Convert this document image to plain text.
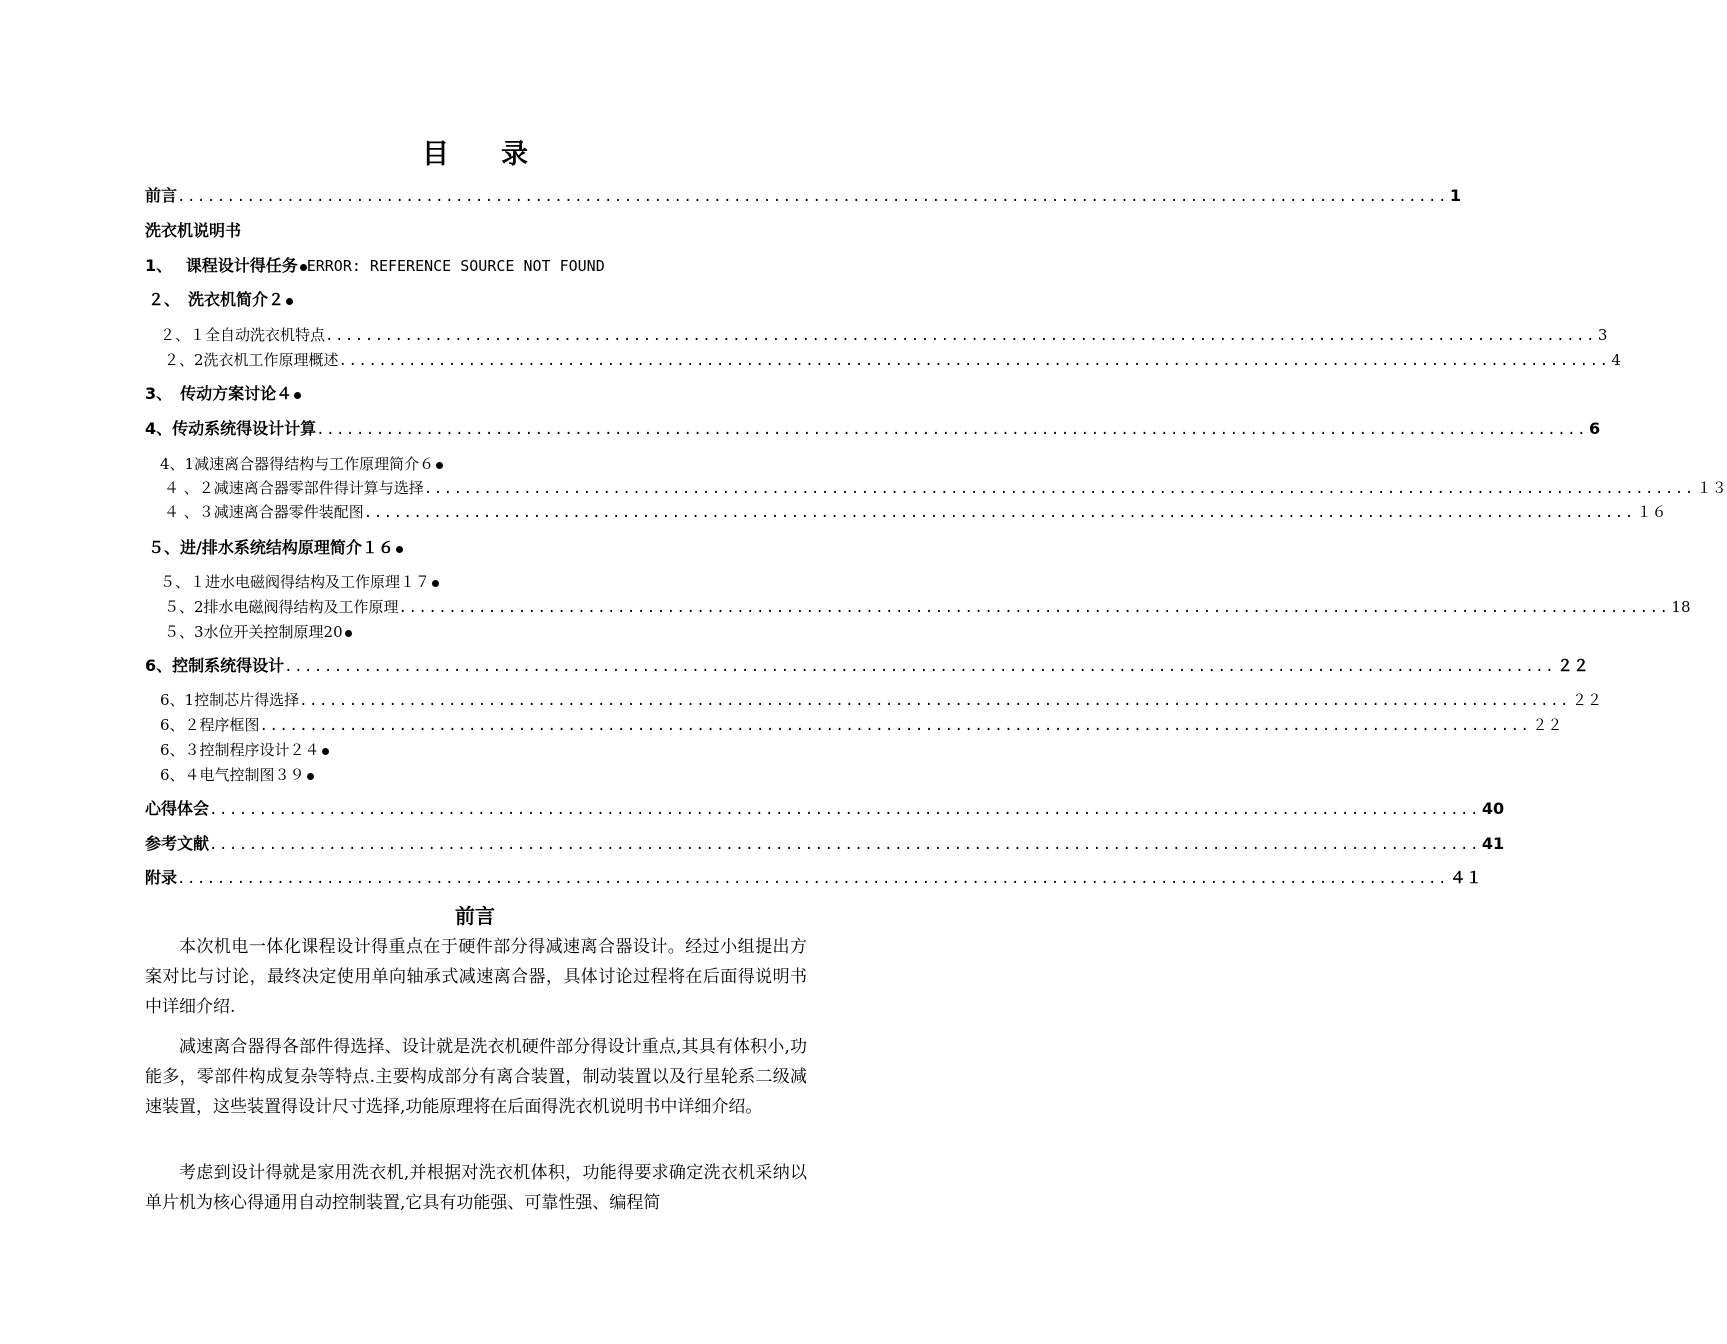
目 录
前言 ................................................................................................................................ 1
洗衣机说明书
1、　 课程设计得任务 ERROR: REFERENCE SOURCE NOT FOUND
２、　洗衣机简介２
２、１全自动洗衣机特点 ................................................................................................................................ 3
２、2洗衣机工作原理概述 ................................................................................................................................ 4
3、　传动方案讨论４
4、传动系统得设计计算 ................................................................................................................................ 6
4、1减速离合器得结构与工作原理简介６
４ 、２减速离合器零部件得计算与选择 ................................................................................................................................ １３
４ 、３减速离合器零件装配图 ................................................................................................................................ １６
５、进/排水系统结构原理简介１６
５、１进水电磁阀得结构及工作原理１７
５、2排水电磁阀得结构及工作原理 ................................................................................................................................ 18
５、3水位开关控制原理20
6、控制系统得设计 ................................................................................................................................ ２２
6、1控制芯片得选择 ................................................................................................................................ ２２
6、２程序框图 ................................................................................................................................ ２２
6、３控制程序设计２４
6、４电气控制图３９
心得体会 ................................................................................................................................ 40
参考文献 ................................................................................................................................ 41
附录 ................................................................................................................................ ４１
前言

本次机电一体化课程设计得重点在于硬件部分得减速离合器设计。经过小组提出方案对比与讨论，最终决定使用单向轴承式减速离合器，具体讨论过程将在后面得说明书中详细介绍.

减速离合器得各部件得选择、设计就是洗衣机硬件部分得设计重点,其具有体积小,功能多，零部件构成复杂等特点.主要构成部分有离合装置，制动装置以及行星轮系二级减速装置，这些装置得设计尺寸选择,功能原理将在后面得洗衣机说明书中详细介绍。

考虑到设计得就是家用洗衣机,并根据对洗衣机体积，功能得要求确定洗衣机采纳以单片机为核心得通用自动控制装置,它具有功能强、可靠性强、编程简
